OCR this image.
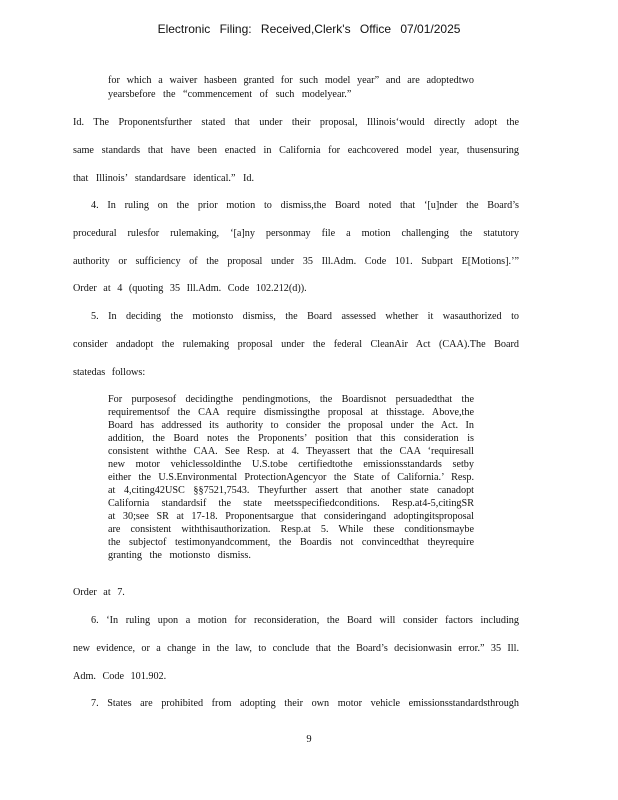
Electronic Filing: Received,Clerk's Office 07/01/2025
for which a waiver hasbeen granted for such model year” and are adoptedtwo
yearsbefore the “commencement of such modelyear.”
Id. The Proponentsfurther stated that under their proposal, Illinois‘would directly adopt the
same standards that have been enacted in California for eachcovered model year, thusensuring
that Illinois’ standardsare identical.” Id.
4. In ruling on the prior motion to dismiss,the Board noted that ‘[u]nder the Board’s
procedural rulesfor rulemaking, ‘[a]ny personmay file a motion challenging the statutory
authority or sufficiency of the proposal under 35 Ill.Adm. Code 101. Subpart E[Motions].’”
Order at 4 (quoting 35 Ill.Adm. Code 102.212(d)).
5. In deciding the motionsto dismiss, the Board assessed whether it wasauthorized to
consider andadopt the rulemaking proposal under the federal CleanAir Act (CAA).The Board
statedas follows:
For purposesof decidingthe pendingmotions, the Boardisnot persuadedthat the
requirementsof the CAA require dismissingthe proposal at thisstage. Above,the
Board has addressed its authority to consider the proposal under the Act. In
addition, the Board notes the Proponents’ position that this consideration is
consistent withthe CAA. See Resp. at 4. Theyassert that the CAA ‘requiresall
new motor vehiclessoldinthe U.S.tobe certifiedtothe emissionsstandards setby
either the U.S.Environmental ProtectionAgencyor the State of California.’ Resp.
at 4,citing42USC §§7521,7543. Theyfurther assert that another state canadopt
California standardsif the state meetsspecifiedconditions. Resp.at4-5,citingSR
at 30;see SR at 17-18. Proponentsargue that consideringand adoptingitsproposal
are consistent withthisauthorization. Resp.at 5. While these conditionsmaybe
the subjectof testimonyandcomment, the Boardis not convincedthat theyrequire
granting the motionsto dismiss.
Order at 7.
6. ‘In ruling upon a motion for reconsideration, the Board will consider factors including
new evidence, or a change in the law, to conclude that the Board’s decisionwasin error.” 35 Ill.
Adm. Code 101.902.
7. States are prohibited from adopting their own motor vehicle emissionsstandardsthrough
9
